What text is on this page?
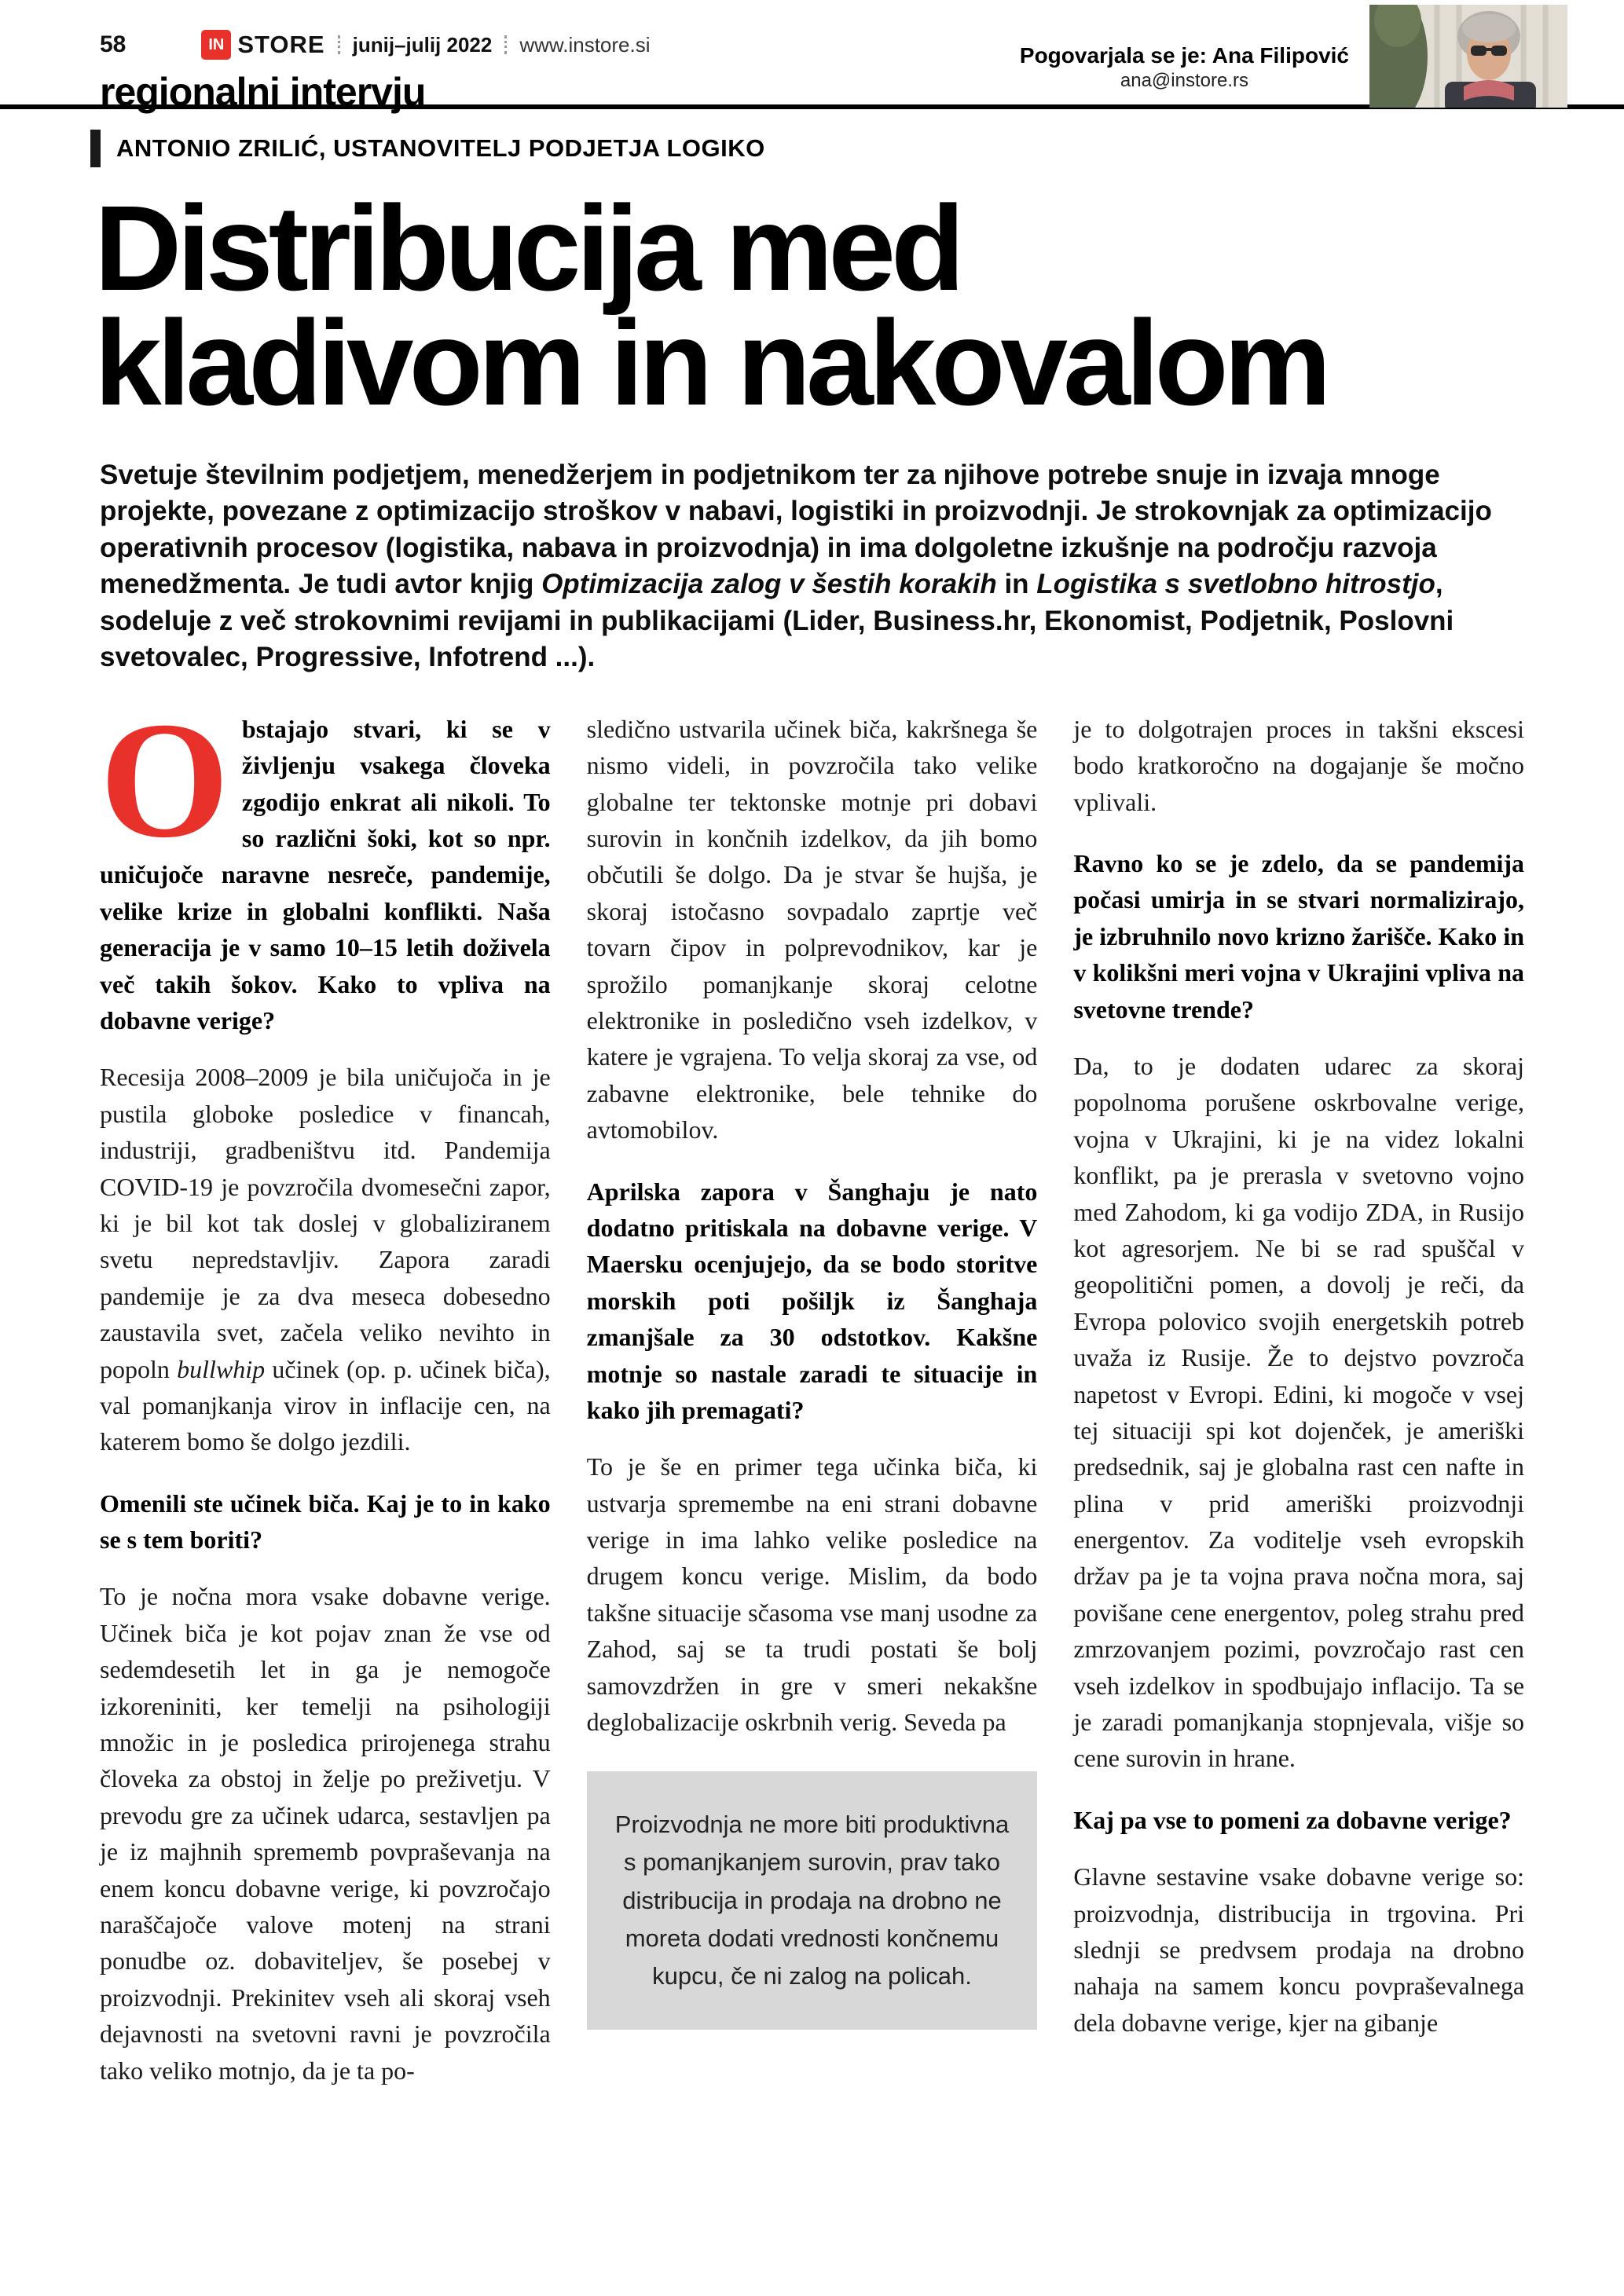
58	IN STORE junij–julij 2022 www.instore.si
regionalni intervju
Pogovarjala se je: Ana Filipović
ana@instore.rs
ANTONIO ZRILIĆ, USTANOVITELJ PODJETJA LOGIKO
Distribucija med
kladivom in nakovalom

Svetuje številnim podjetjem, menedžerjem in podjetnikom ter za njihove potrebe snuje in izvaja mnoge projekte, povezane z optimizacijo stroškov v nabavi, logistiki in proizvodnji. Je strokovnjak za optimizacijo operativnih procesov (logistika, nabava in proizvodnja) in ima dolgoletne izkušnje na področju razvoja menedžmenta. Je tudi avtor knjig Optimizacija zalog v šestih korakih in Logistika s svetlobno hitrostjo, sodeluje z več strokovnimi revijami in publikacijami (Lider, Business.hr, Ekonomist, Podjetnik, Poslovni svetovalec, Progressive, Infotrend ...).

Obstajajo stvari, ki se v življenju vsakega človeka zgodijo enkrat ali nikoli. To so različni šoki, kot so npr. uničujoče naravne nesreče, pandemije, velike krize in globalni konflikti. Naša generacija je v samo 10–15 letih doživela več takih šokov. Kako to vpliva na dobavne verige?

Recesija 2008–2009 je bila uničujoča in je pustila globoke posledice v financah, industriji, gradbeništvu itd. Pandemija COVID-19 je povzročila dvomesečni zapor, ki je bil kot tak doslej v globaliziranem svetu nepredstavljiv. Zapora zaradi pandemije je za dva meseca dobesedno zaustavila svet, začela veliko nevihto in popoln bullwhip učinek (op. p. učinek biča), val pomanjkanja virov in inflacije cen, na katerem bomo še dolgo jezdili.

Omenili ste učinek biča. Kaj je to in kako se s tem boriti?

To je nočna mora vsake dobavne verige. Učinek biča je kot pojav znan že vse od sedemdesetih let in ga je nemogoče izkoreniniti, ker temelji na psihologiji množic in je posledica prirojenega strahu človeka za obstoj in želje po preživetju. V prevodu gre za učinek udarca, sestavljen pa je iz majhnih sprememb povpraševanja na enem koncu dobavne verige, ki povzročajo naraščajoče valove motenj na strani ponudbe oz. dobaviteljev, še posebej v proizvodnji. Prekinitev vseh ali skoraj vseh dejavnosti na svetovni ravni je povzročila tako veliko motnjo, da je ta po-

sledično ustvarila učinek biča, kakršnega še nismo videli, in povzročila tako velike globalne ter tektonske motnje pri dobavi surovin in končnih izdelkov, da jih bomo občutili še dolgo. Da je stvar še hujša, je skoraj istočasno sovpadalo zaprtje več tovarn čipov in polprevodnikov, kar je sprožilo pomanjkanje skoraj celotne elektronike in posledično vseh izdelkov, v katere je vgrajena. To velja skoraj za vse, od zabavne elektronike, bele tehnike do avtomobilov.

Aprilska zapora v Šanghaju je nato dodatno pritiskala na dobavne verige. V Maersku ocenjujejo, da se bodo storitve morskih poti pošiljk iz Šanghaja zmanjšale za 30 odstotkov. Kakšne motnje so nastale zaradi te situacije in kako jih premagati?

To je še en primer tega učinka biča, ki ustvarja spremembe na eni strani dobavne verige in ima lahko velike posledice na drugem koncu verige. Mislim, da bodo takšne situacije sčasoma vse manj usodne za Zahod, saj se ta trudi postati še bolj samovzdržen in gre v smeri nekakšne deglobalizacije oskrbnih verig. Seveda pa

Proizvodnja ne more biti produktivna s pomanjkanjem surovin, prav tako distribucija in prodaja na drobno ne moreta dodati vrednosti končnemu kupcu, če ni zalog na policah.

je to dolgotrajen proces in takšni ekscesi bodo kratkoročno na dogajanje še močno vplivali.

Ravno ko se je zdelo, da se pandemija počasi umirja in se stvari normalizirajo, je izbruhnilo novo krizno žarišče. Kako in v kolikšni meri vojna v Ukrajini vpliva na svetovne trende?

Da, to je dodaten udarec za skoraj popolnoma porušene oskrbovalne verige, vojna v Ukrajini, ki je na videz lokalni konflikt, pa je prerasla v svetovno vojno med Zahodom, ki ga vodijo ZDA, in Rusijo kot agresorjem. Ne bi se rad spuščal v geopolitični pomen, a dovolj je reči, da Evropa polovico svojih energetskih potreb uvaža iz Rusije. Že to dejstvo povzroča napetost v Evropi. Edini, ki mogoče v vsej tej situaciji spi kot dojenček, je ameriški predsednik, saj je globalna rast cen nafte in plina v prid ameriški proizvodnji energentov. Za voditelje vseh evropskih držav pa je ta vojna prava nočna mora, saj povišane cene energentov, poleg strahu pred zmrzovanjem pozimi, povzročajo rast cen vseh izdelkov in spodbujajo inflacijo. Ta se je zaradi pomanjkanja stopnjevala, višje so cene surovin in hrane.

Kaj pa vse to pomeni za dobavne verige?

Glavne sestavine vsake dobavne verige so: proizvodnja, distribucija in trgovina. Pri slednji se predvsem prodaja na drobno nahaja na samem koncu povpraševalnega dela dobavne verige, kjer na gibanje
